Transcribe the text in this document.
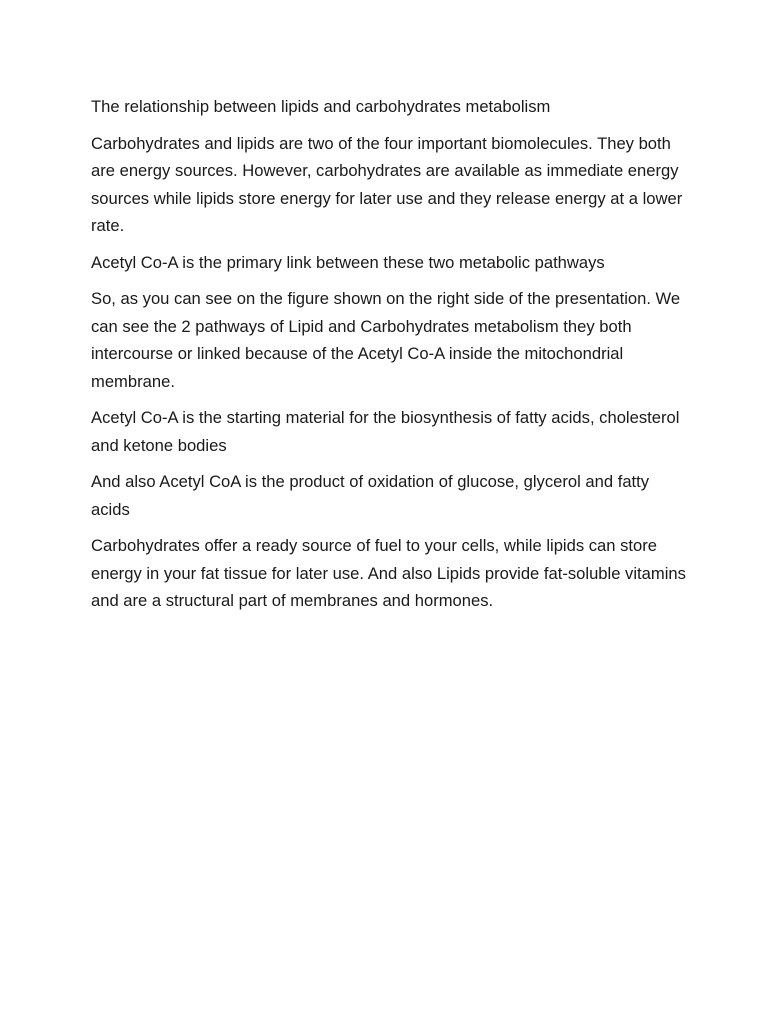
The relationship between lipids and carbohydrates metabolism

Carbohydrates and lipids are two of the four important biomolecules. They both are energy sources. However, carbohydrates are available as immediate energy sources while lipids store energy for later use and they release energy at a lower rate.

Acetyl Co-A is the primary link between these two metabolic pathways

So, as you can see on the figure shown on the right side of the presentation. We can see the 2 pathways of Lipid and Carbohydrates metabolism they both intercourse or linked because of the Acetyl Co-A inside the mitochondrial membrane.

Acetyl Co-A is the starting material for the biosynthesis of fatty acids, cholesterol and ketone bodies

And also Acetyl CoA is the product of oxidation of glucose, glycerol and fatty acids

Carbohydrates offer a ready source of fuel to your cells, while lipids can store energy in your fat tissue for later use. And also Lipids provide fat-soluble vitamins and are a structural part of membranes and hormones.
